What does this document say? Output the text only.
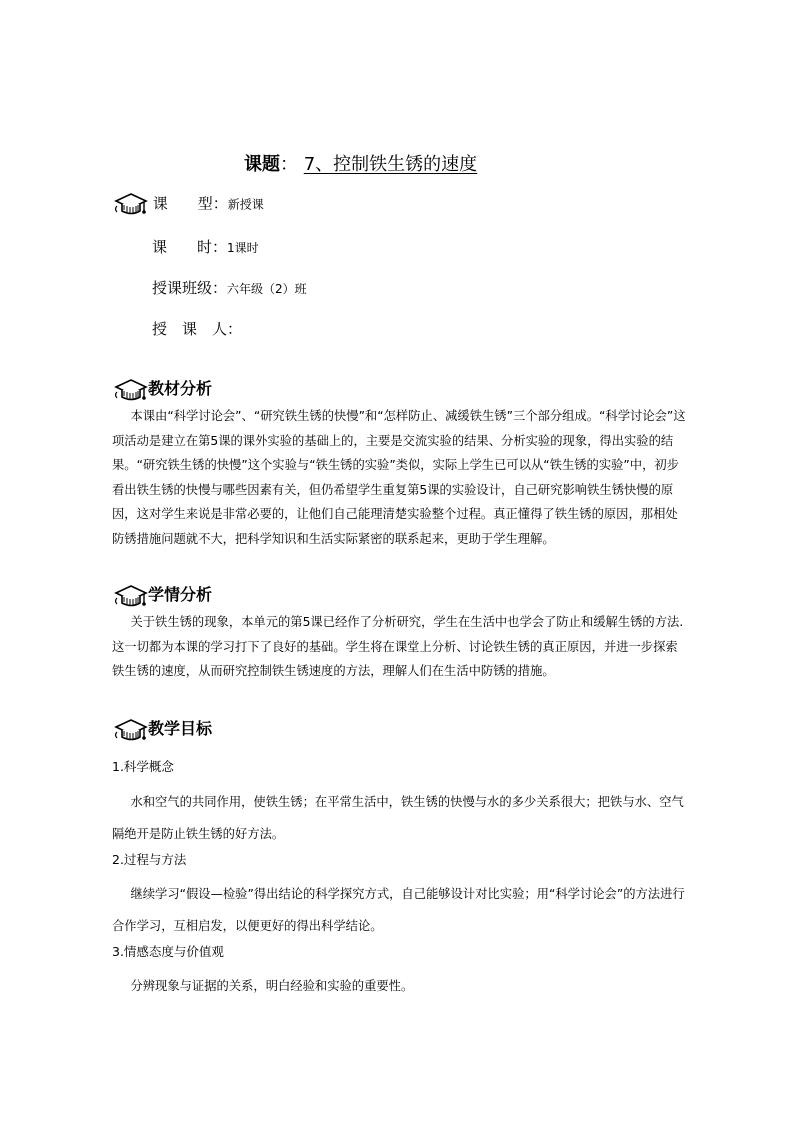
课题： 7、控制铁生锈的速度
课　　型：新授课
课　　时：1课时
授课班级：六年级（2）班
授　课　人：
教材分析

本课由“科学讨论会”、“研究铁生锈的快慢”和“怎样防止、减缓铁生锈”三个部分组成。“科学讨论会”这项活动是建立在第5课的课外实验的基础上的，主要是交流实验的结果、分析实验的现象，得出实验的结果。“研究铁生锈的快慢”这个实验与“铁生锈的实验”类似，实际上学生已可以从“铁生锈的实验”中，初步看出铁生锈的快慢与哪些因素有关，但仍希望学生重复第5课的实验设计，自己研究影响铁生锈快慢的原因，这对学生来说是非常必要的，让他们自己能理清楚实验整个过程。真正懂得了铁生锈的原因，那相处防锈措施问题就不大，把科学知识和生活实际紧密的联系起来，更助于学生理解。

学情分析

关于铁生锈的现象，本单元的第5课已经作了分析研究，学生在生活中也学会了防止和缓解生锈的方法.这一切都为本课的学习打下了良好的基础。学生将在课堂上分析、讨论铁生锈的真正原因，并进一步探索铁生锈的速度，从而研究控制铁生锈速度的方法，理解人们在生活中防锈的措施。

教学目标
1.科学概念

水和空气的共同作用，使铁生锈；在平常生活中，铁生锈的快慢与水的多少关系很大；把铁与水、空气隔绝开是防止铁生锈的好方法。

2.过程与方法

继续学习“假设—检验”得出结论的科学探究方式，自己能够设计对比实验；用“科学讨论会”的方法进行合作学习，互相启发，以便更好的得出科学结论。

3.情感态度与价值观

分辨现象与证据的关系，明白经验和实验的重要性。
